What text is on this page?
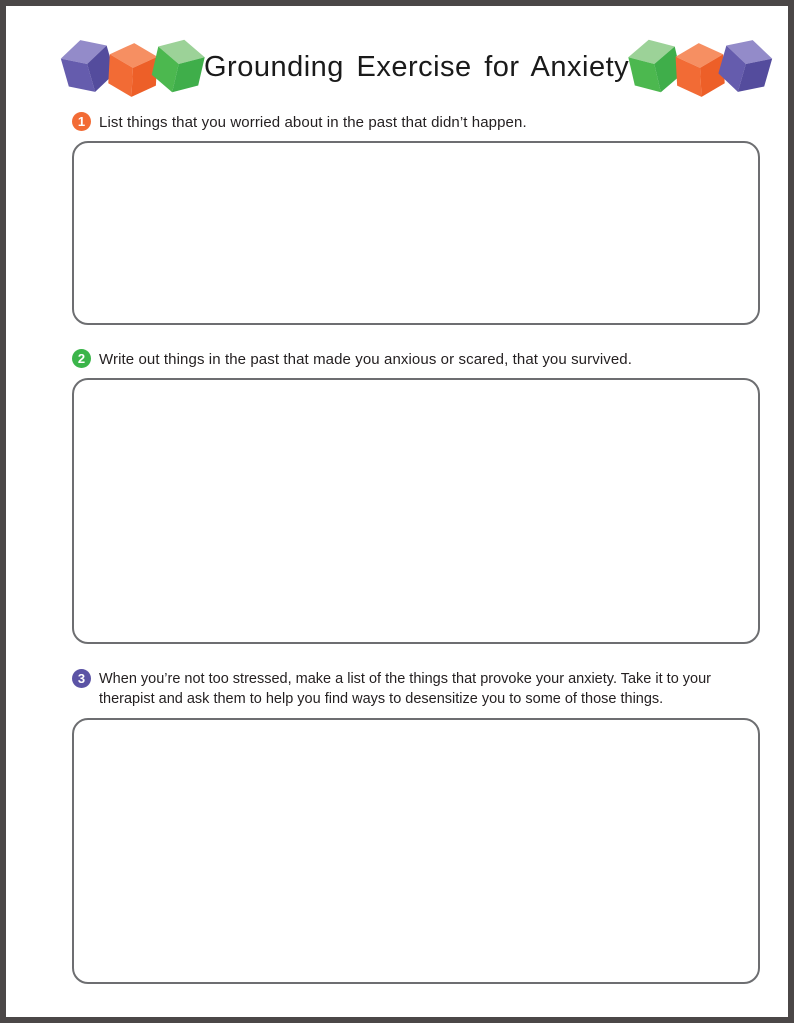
Grounding Exercise for Anxiety
1 List things that you worried about in the past that didn’t happen.

2 Write out things in the past that made you anxious or scared, that you survived.

3 When you’re not too stressed, make a list of the things that provoke your anxiety. Take it to your therapist and ask them to help you find ways to desensitize you to some of those things.
